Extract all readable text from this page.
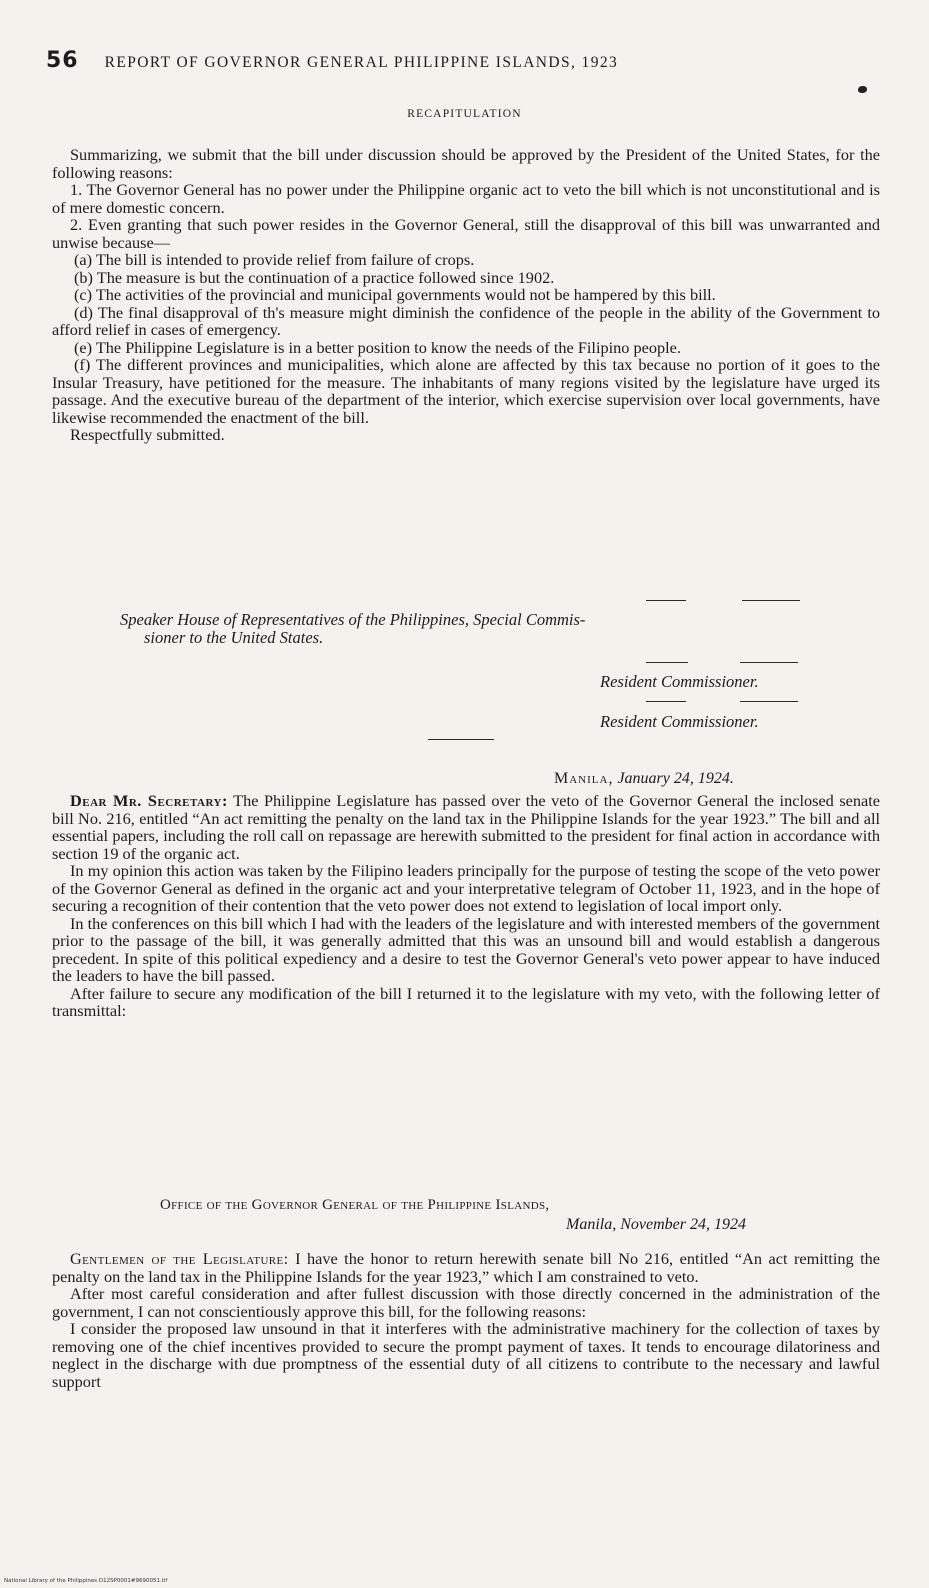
56 REPORT OF GOVERNOR GENERAL PHILIPPINE ISLANDS, 1923
RECAPITULATION

Summarizing, we submit that the bill under discussion should be approved by the President of the United States, for the following reasons:

1. The Governor General has no power under the Philippine organic act to veto the bill which is not unconstitutional and is of mere domestic concern.

2. Even granting that such power resides in the Governor General, still the disapproval of this bill was unwarranted and unwise because—

(a) The bill is intended to provide relief from failure of crops.

(b) The measure is but the continuation of a practice followed since 1902.

(c) The activities of the provincial and municipal governments would not be hampered by this bill.

(d) The final disapproval of th's measure might diminish the confidence of the people in the ability of the Government to afford relief in cases of emergency.

(e) The Philippine Legislature is in a better position to know the needs of the Filipino people.

(f) The different provinces and municipalities, which alone are affected by this tax because no portion of it goes to the Insular Treasury, have petitioned for the measure. The inhabitants of many regions visited by the legislature have urged its passage. And the executive bureau of the department of the interior, which exercise supervision over local governments, have likewise recommended the enactment of the bill.

Respectfully submitted.

Speaker House of Representatives of the Philippines, Special Commis-
sioner to the United States.
Resident Commissioner.
Resident Commissioner.
Manila, January 24, 1924.

Dear Mr. Secretary: The Philippine Legislature has passed over the veto of the Governor General the inclosed senate bill No. 216, entitled “An act remitting the penalty on the land tax in the Philippine Islands for the year 1923.” The bill and all essential papers, including the roll call on repassage are herewith submitted to the president for final action in accordance with section 19 of the organic act.

In my opinion this action was taken by the Filipino leaders principally for the purpose of testing the scope of the veto power of the Governor General as defined in the organic act and your interpretative telegram of October 11, 1923, and in the hope of securing a recognition of their contention that the veto power does not extend to legislation of local import only.

In the conferences on this bill which I had with the leaders of the legislature and with interested members of the government prior to the passage of the bill, it was generally admitted that this was an unsound bill and would establish a dangerous precedent. In spite of this political expediency and a desire to test the Governor General's veto power appear to have induced the leaders to have the bill passed.

After failure to secure any modification of the bill I returned it to the legislature with my veto, with the following letter of transmittal:

Office of the Governor General of the Philippine Islands,
Manila, November 24, 1924

Gentlemen of the Legislature: I have the honor to return herewith senate bill No 216, entitled “An act remitting the penalty on the land tax in the Philippine Islands for the year 1923,” which I am constrained to veto.

After most careful consideration and after fullest discussion with those directly concerned in the administration of the government, I can not conscientiously approve this bill, for the following reasons:

I consider the proposed law unsound in that it interferes with the administrative machinery for the collection of taxes by removing one of the chief incentives provided to secure the prompt payment of taxes. It tends to encourage dilatoriness and neglect in the discharge with due promptness of the essential duty of all citizens to contribute to the necessary and lawful support

National Library of the Philippines D12SP0001#9690051.tif
